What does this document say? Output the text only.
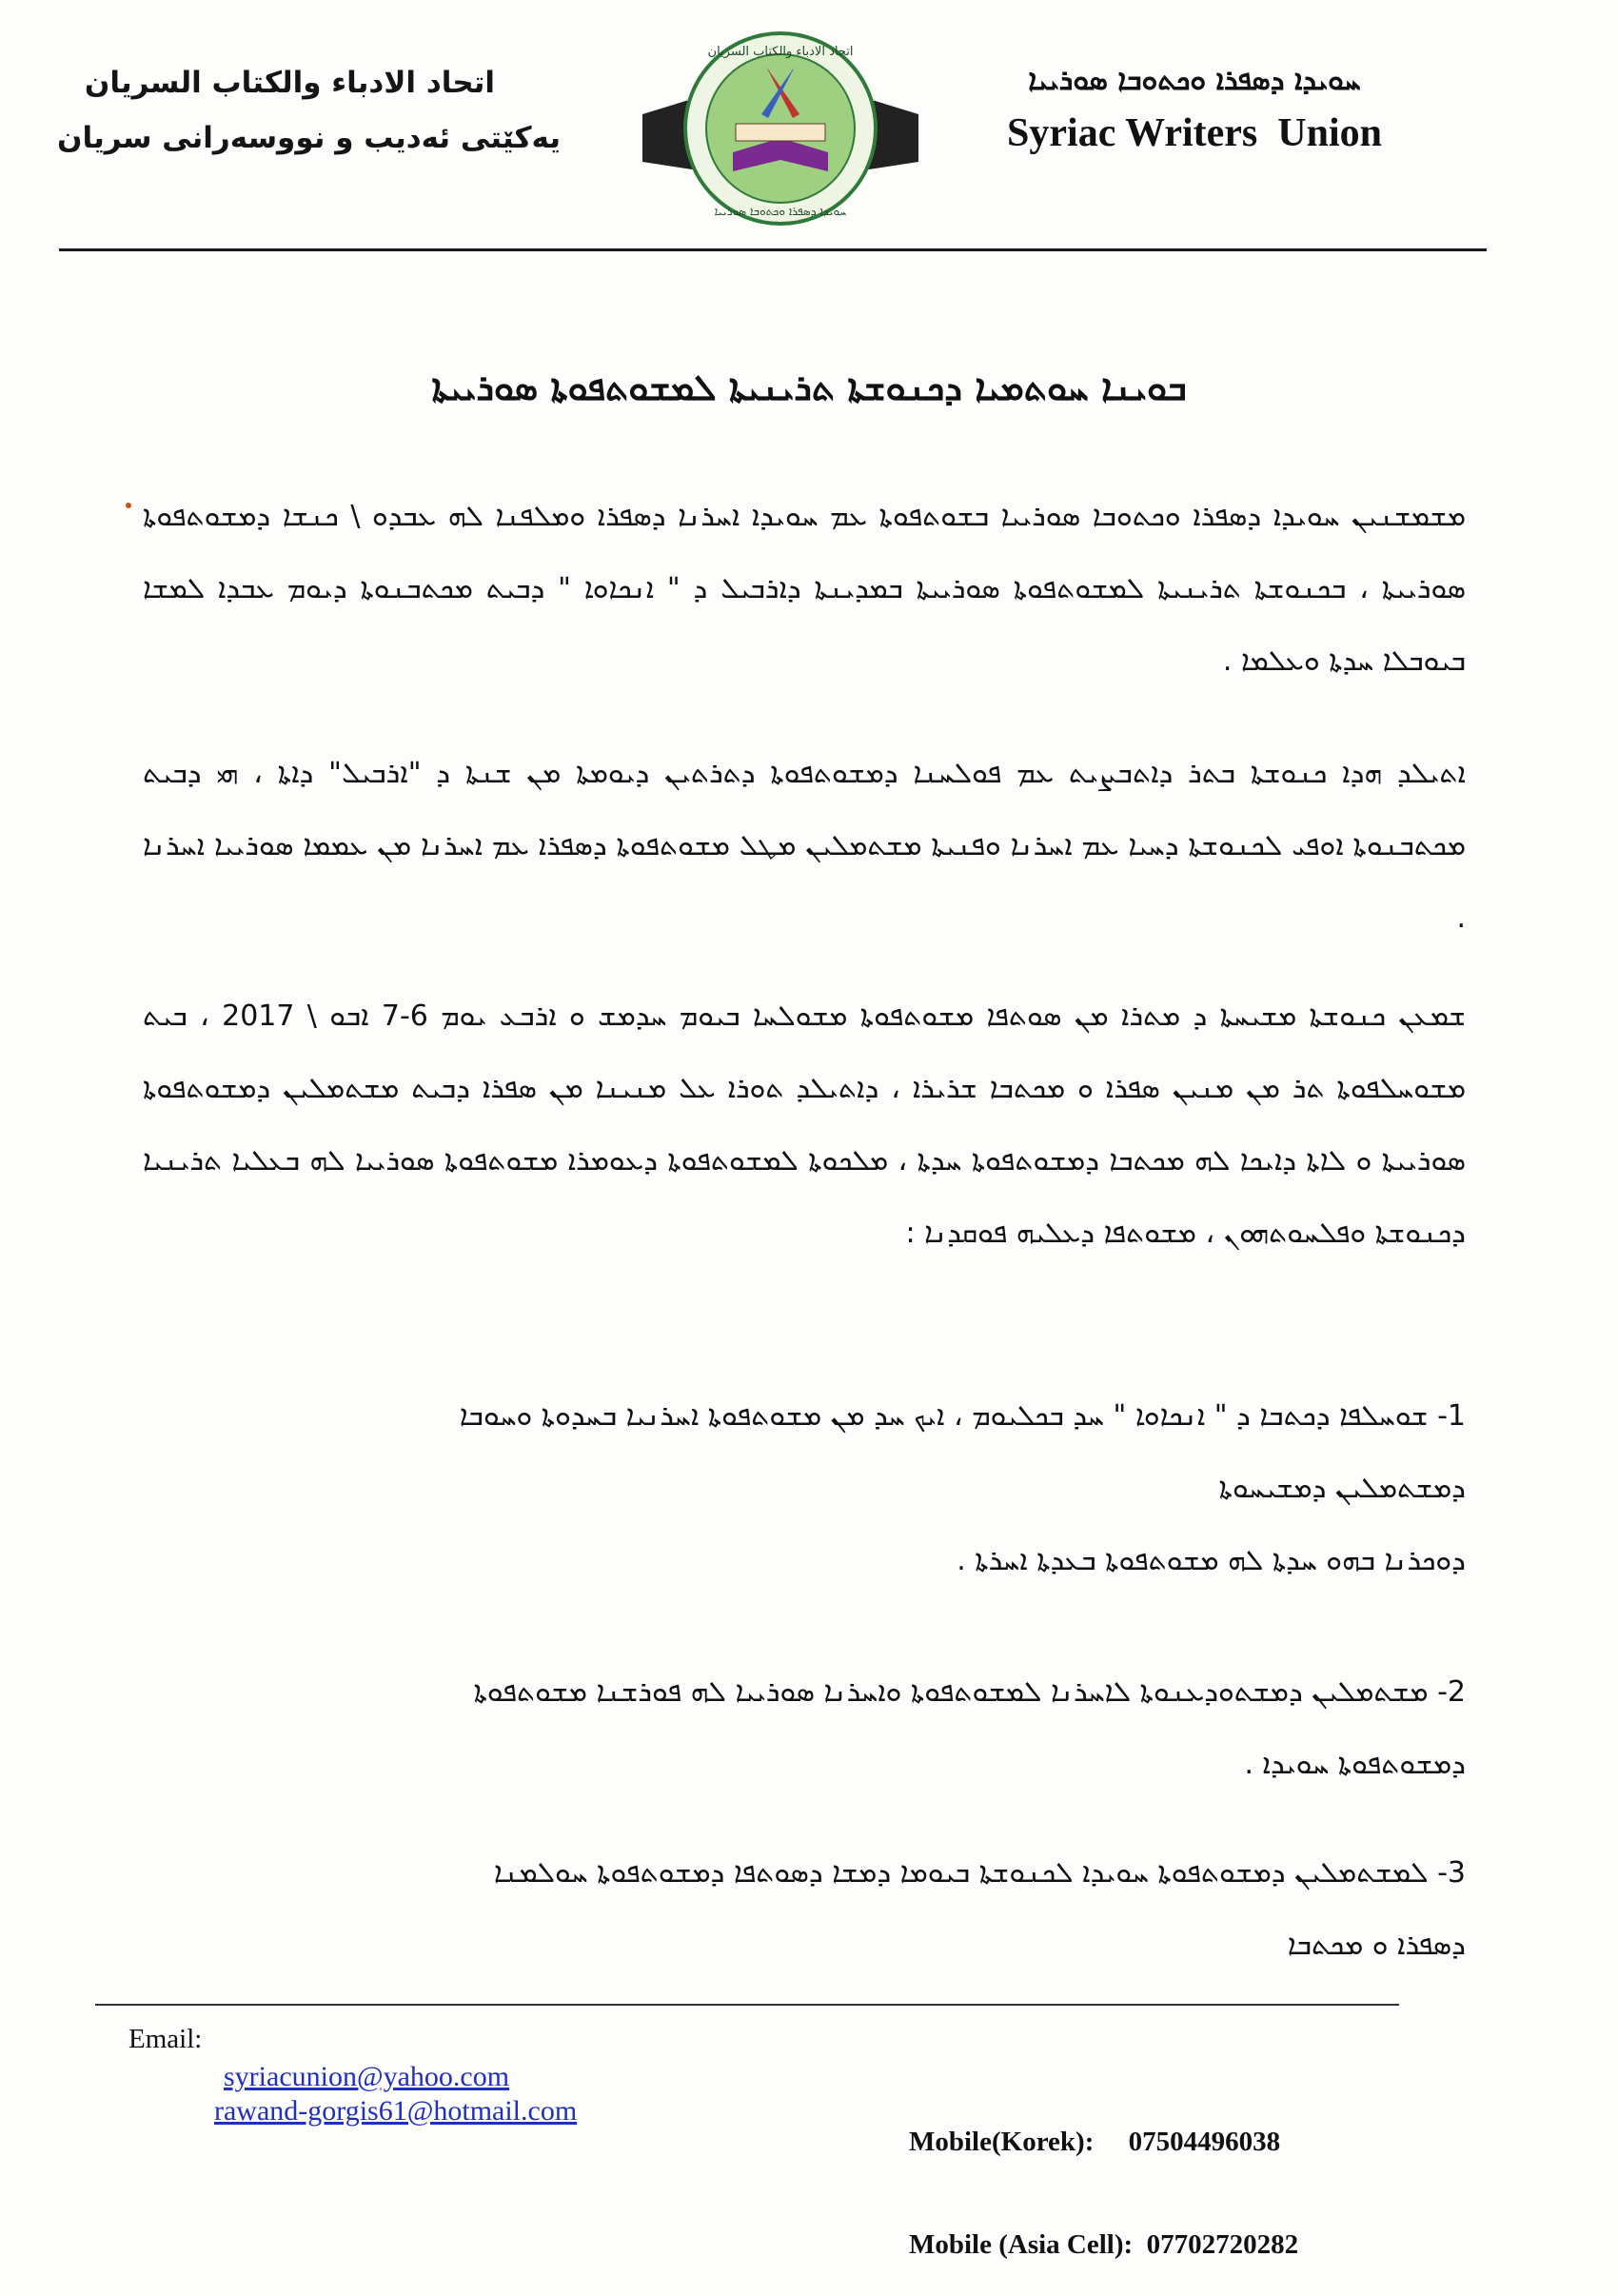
اتحاد الادباء والكتاب السريان
یەکێتی ئەدیب و نووسەرانی سریان
اتحاد الادباء والكتاب السريان
ܚܘܝܕܐ ܕܣܦܪܐ ܘܟܬܘܒܐ ܣܘܪܝܝܐ
ܚܘܝܕܐ ܕܣܦܪܐ ܘܟܬܘܒܐ ܣܘܪܝܝܐ
Syriac Writers  Union
ܒܘܝܢܐ ܚܘܬܡܝܐ ܕܟܢܘܫܬܐ ܬܪܝܢܝܬܐ ܠܡܫܘܬܦܘܬܐ ܣܘܪܝܝܬܐ
ܡܫܡܫܢܝܢ ܚܘܝܕܐ ܕܣܦܪܐ ܘܟܬܘܒܐ ܣܘܪܝܝܐ ܒܫܘܬܦܘܬܐ ܥܡ ܚܘܝܕܐ ܐܚܪܢܐ ܕܣܦܪܐ ܘܡܠܦܢܐ ܠܗ ܥܒܕܘ \ ܟܢܫܐ ܕܡܫܘܬܦܘܬܐ ܣܘܪܝܝܬܐ ، ܒܟܢܘܫܬܐ ܬܪܝܢܝܬܐ ܠܡܫܘܬܦܘܬܐ ܣܘܪܝܝܬܐ ܒܡܕܝܢܬܐ ܕܐܪܒܝܠ ܕ " ܐܢܟܐܘܐ " ܕܒܝܬ ܡܟܬܒܢܘܬܐ ܕܝܘܡ ܥܒܕܐ ܠܡܫܐ ܒܝܘܒܠܐ ܚܕܬܐ ܘܥܠܡܐ .
ܐܬܝܠܕ ܗܕܐ ܟܢܘܫܬܐ ܒܬܪ ܕܐܬܒܨܝܬ ܥܡ ܦܘܠܚܢܐ ܕܡܫܘܬܦܘܬܐ ܕܬܪܬܝܢ ܕܝܘܡܬܐ ܡܢ ܫܢܬܐ ܕ "ܐܪܒܝܠ" ܕܐܬܐ ، ܗܝ ܕܒܝܬ ܡܟܬܒܢܘܬܐ ܐܘܦܝ ܠܟܢܘܫܬܐ ܕܚܝܐ ܥܡ ܐܚܪܢܐ ܘܦܢܝܬܐ ܡܫܬܡܠܝܢ ܡܛܠ ܡܫܘܬܦܘܬܐ ܕܣܦܪܐ ܥܡ ܐܚܪܢܐ ܡܢ ܥܡܡܐ ܣܘܪܝܝܐ ܐܚܪܢܐ .
ܫܡܥܢ ܟܢܘܫܬܐ ܡܫܝܚܬܐ ܕ ܡܬܪܐ ܡܢ ܣܘܬܦܐ ܡܫܘܬܦܘܬܐ ܡܫܘܠܚܐ ܒܝܘܡ ܚܕܡܫ ܘ ܐܪܒܥ ܝܘܡ 6-7 ܐܒܘ \ 2017 ، ܒܝܬ ܡܫܘܚܠܦܘܬܐ ܬܪ ܡܢ ܡܢܝܢ ܣܦܪܐ ܘ ܡܟܬܒܐ ܫܪܝܪܐ ، ܕܐܬܝܠܕ ܬܘܪܐ ܥܠ ܡܢܝܢܐ ܡܢ ܣܦܪܐ ܕܒܝܬ ܡܫܬܡܠܝܢ ܕܡܫܘܬܦܘܬܐ ܣܘܪܝܝܬܐ ܘ ܠܐܬܐ ܕܐܝܟܐ ܠܗ ܡܟܬܒܐ ܕܡܫܘܬܦܘܬܐ ܚܕܬܐ ، ܡܠܟܘܬܐ ܠܡܫܘܬܦܘܬܐ ܕܥܘܡܪܐ ܡܫܘܬܦܘܬܐ ܣܘܪܝܝܐ ܠܗ ܒܥܠܝܐ ܬܪܝܢܝܐ ܕܟܢܘܫܬܐ ܘܦܠܚܘܬܗܘܢ ، ܡܫܘܬܦܐ ܕܥܠܝܗ ܦܘܩܕܢܐ :
1- ܫܘܚܠܦܐ ܕܟܬܒܐ ܕ " ܐܢܟܐܘܐ " ܚܕ ܒܟܠܝܘܡ ، ܐܝܟ ܚܕ ܡܢ ܡܫܘܬܦܘܬܐ ܐܚܪܢܝܐ ܒܚܕܘܬܐ ܘܚܘܒܐ
ܕܡܫܬܡܠܝܢ ܕܡܫܝܚܘܬܐ
ܕܘܟܪܢܐ ܒܗܘ ܚܕܬܐ ܠܗ ܡܫܘܬܦܘܬܐ ܒܥܕܬܐ ܐܚܪܬܐ .
2- ܡܫܬܡܠܝܢ ܕܡܫܬܘܕܥܢܘܬܐ ܠܐܚܪܢܐ ܠܡܫܘܬܦܘܬܐ ܘܐܚܪܢܐ ܣܘܪܝܝܐ ܠܗ ܦܘܪܫܢܐ ܡܫܘܬܦܘܬܐ
ܕܡܫܘܬܦܘܬܐ ܚܘܝܕܐ .
3- ܠܡܫܬܡܠܝܢ ܕܡܫܘܬܦܘܬܐ ܚܘܝܕܐ ܠܟܢܘܫܬܐ ܒܝܘܡܐ ܕܡܫܐ ܕܣܘܬܦܐ ܕܡܫܘܬܦܘܬܐ ܚܘܠܡܢܐ
ܕܣܦܪܐ ܘ ܡܟܬܒܐ
Email:
syriacunion@yahoo.com
rawand-gorgis61@hotmail.com

Mobile(Korek): 07504496038

Mobile (Asia Cell): 07702720282
